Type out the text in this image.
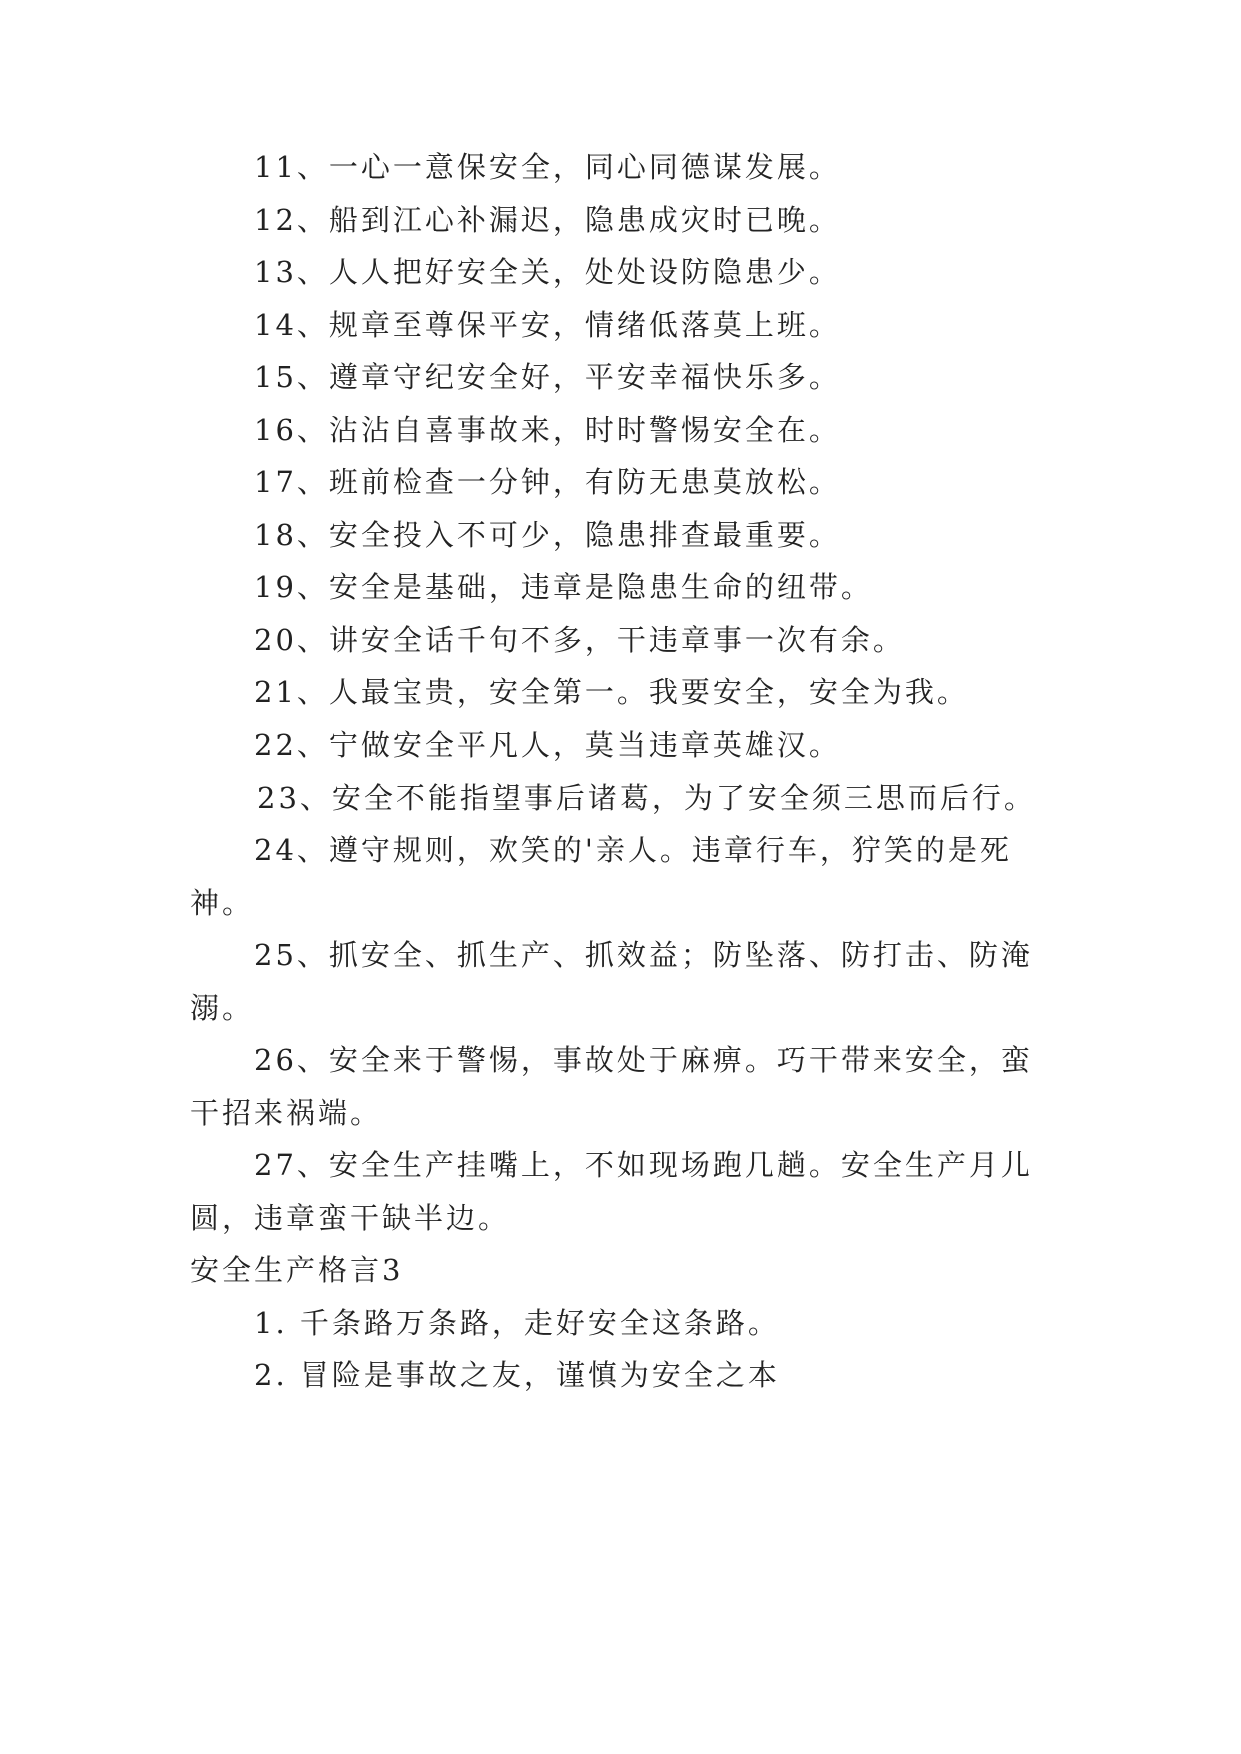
11、一心一意保安全，同心同德谋发展。
12、船到江心补漏迟，隐患成灾时已晚。
13、人人把好安全关，处处设防隐患少。
14、规章至尊保平安，情绪低落莫上班。
15、遵章守纪安全好，平安幸福快乐多。
16、沾沾自喜事故来，时时警惕安全在。
17、班前检查一分钟，有防无患莫放松。
18、安全投入不可少，隐患排查最重要。
19、安全是基础，违章是隐患生命的纽带。
20、讲安全话千句不多，干违章事一次有余。
21、人最宝贵，安全第一。我要安全，安全为我。
22、宁做安全平凡人，莫当违章英雄汉。
23、安全不能指望事后诸葛，为了安全须三思而后行。
24、遵守规则，欢笑的'亲人。违章行车，狞笑的是死
神。
25、抓安全、抓生产、抓效益；防坠落、防打击、防淹
溺。
26、安全来于警惕，事故处于麻痹。巧干带来安全，蛮
干招来祸端。
27、安全生产挂嘴上，不如现场跑几趟。安全生产月儿
圆，违章蛮干缺半边。
安全生产格言3
1. 千条路万条路，走好安全这条路。
2. 冒险是事故之友，谨慎为安全之本
